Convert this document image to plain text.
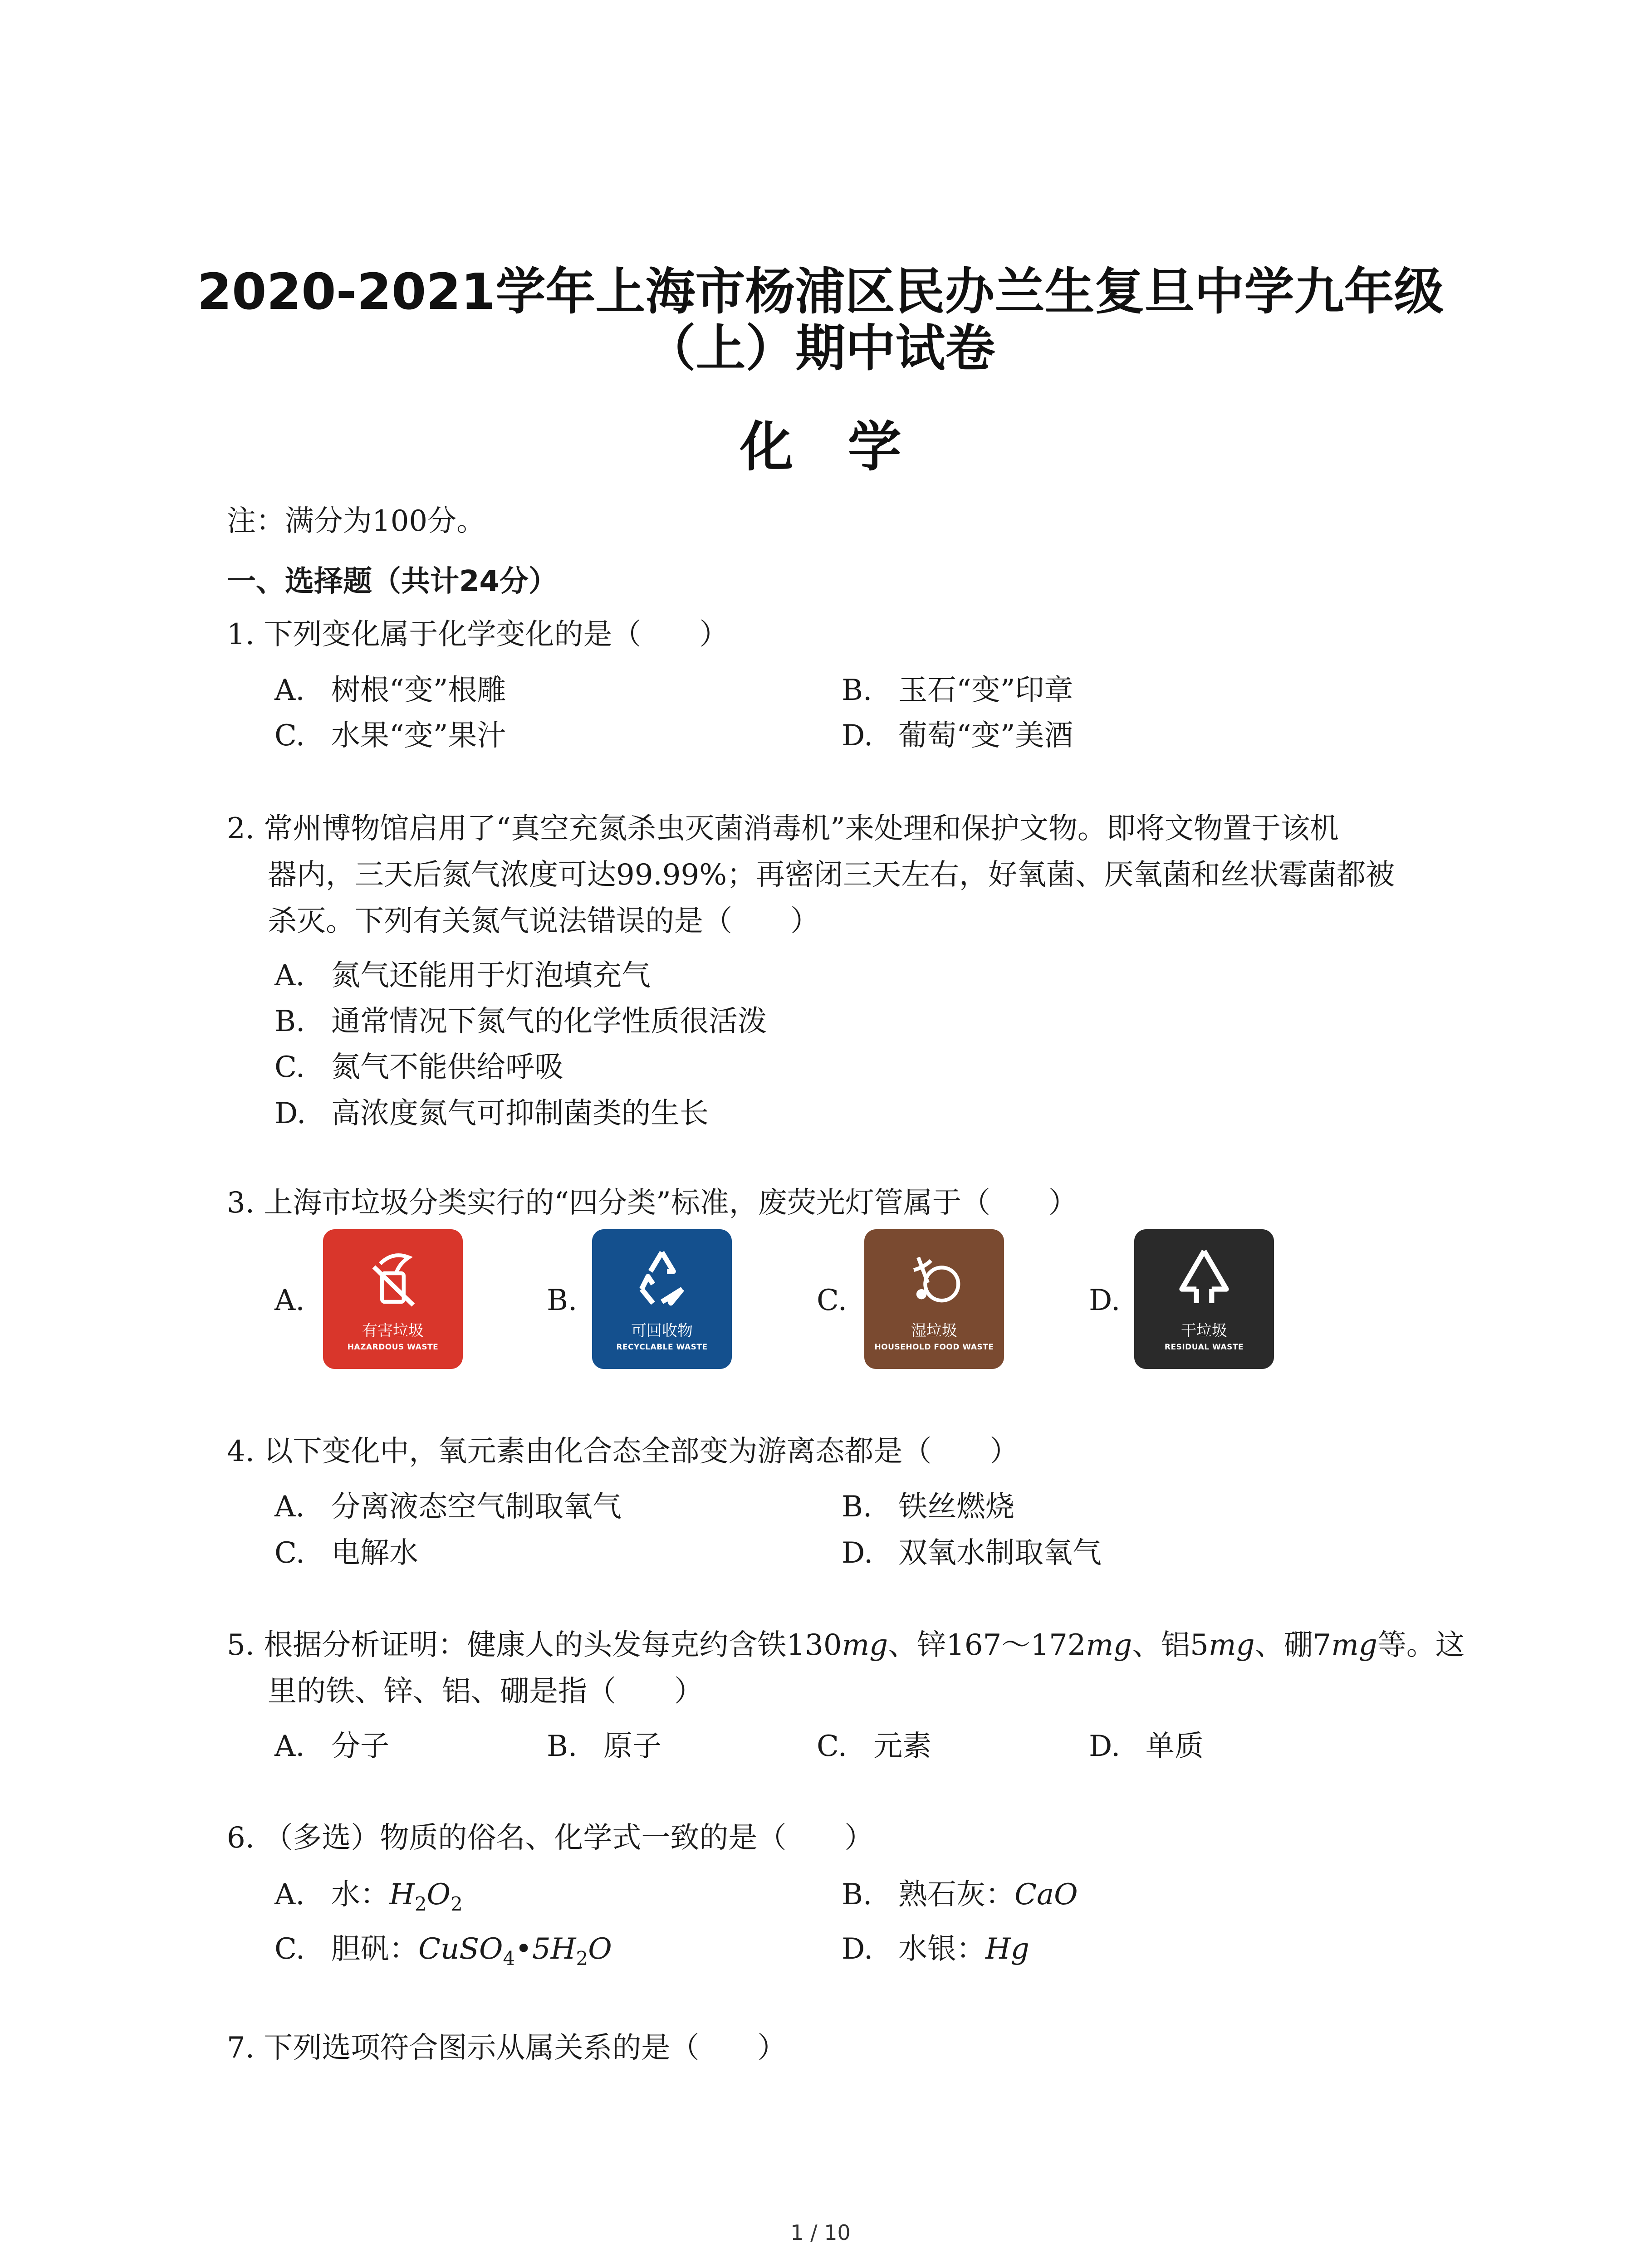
2020-2021学年上海市杨浦区民办兰生复旦中学九年级
（上）期中试卷
化学
注：满分为100分。
一、选择题（共计24分）
1. 下列变化属于化学变化的是（　　）
A. 树根“变”根雕	B. 玉石“变”印章
C. 水果“变”果汁	D. 葡萄“变”美酒
2. 常州博物馆启用了“真空充氮杀虫灭菌消毒机”来处理和保护文物。即将文物置于该机
器内，三天后氮气浓度可达99.99%；再密闭三天左右，好氧菌、厌氧菌和丝状霉菌都被
杀灭。下列有关氮气说法错误的是（　　）
A. 氮气还能用于灯泡填充气
B. 通常情况下氮气的化学性质很活泼
C. 氮气不能供给呼吸
D. 高浓度氮气可抑制菌类的生长
3. 上海市垃圾分类实行的“四分类”标准，废荧光灯管属于（　　）
A.
有害垃圾
HAZARDOUS WASTE
B.
可回收物
RECYCLABLE WASTE
C.
湿垃圾
HOUSEHOLD FOOD WASTE
D.
干垃圾
RESIDUAL WASTE
4. 以下变化中，氧元素由化合态全部变为游离态都是（　　）
A. 分离液态空气制取氧气	B. 铁丝燃烧
C. 电解水	D. 双氧水制取氧气
5. 根据分析证明：健康人的头发每克约含铁130mg、锌167～172mg、铝5mg、硼7mg等。这
里的铁、锌、铝、硼是指（　　）
A. 分子	B. 原子	C. 元素	D. 单质
6. （多选）物质的俗名、化学式一致的是（　　）
A. 水：$H_2O_2$	B. 熟石灰：CaO
C. 胆矾：$CuSO_4•5H_2O$	D. 水银：Hg
7. 下列选项符合图示从属关系的是（　　）
1 / 10
